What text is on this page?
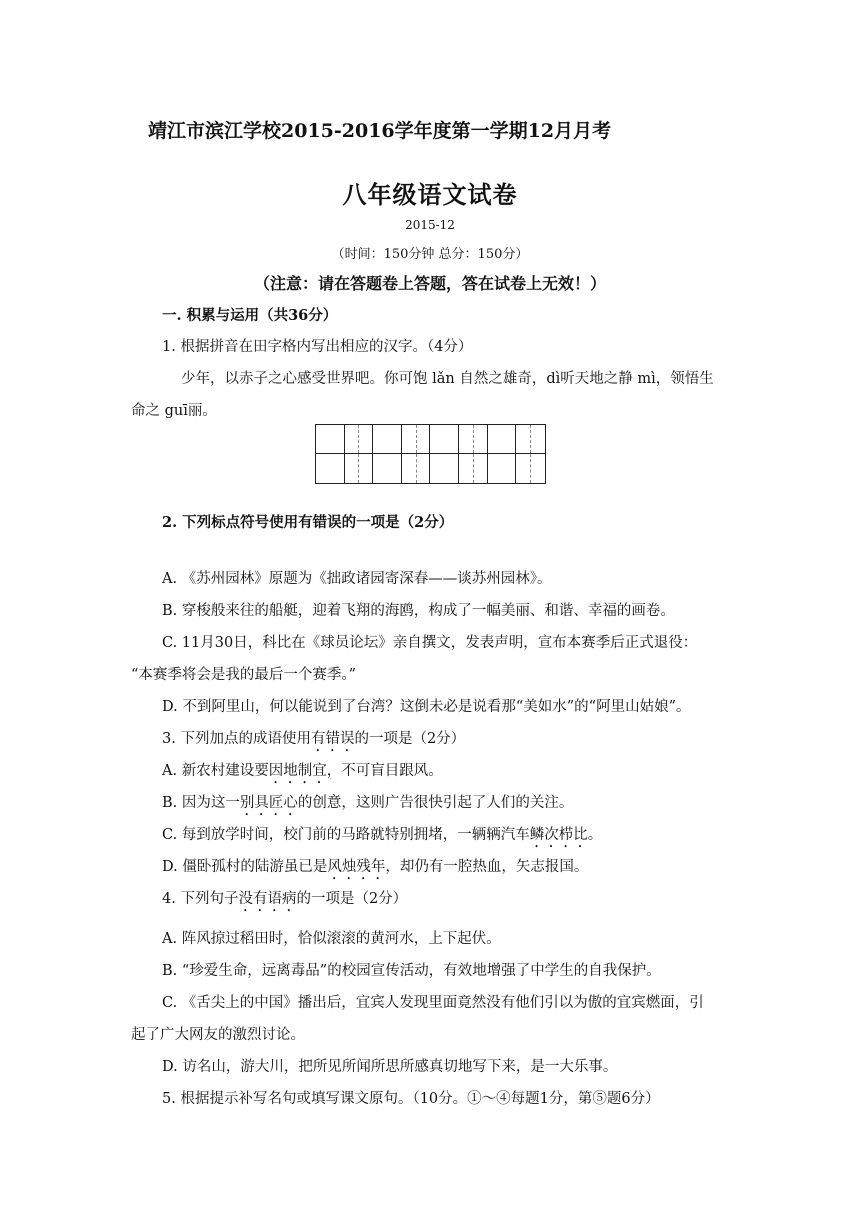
靖江市滨江学校2015-2016学年度第一学期12月月考
八年级语文试卷
2015-12
（时间：150分钟 总分：150分）
（注意：请在答题卷上答题，答在试卷上无效！）
一. 积累与运用（共36分）
1. 根据拼音在田字格内写出相应的汉字。（4分）
少年，以赤子之心感受世界吧。你可饱 lǎn 自然之雄奇，dì听天地之静 mì，领悟生
命之 guī丽。
2. 下列标点符号使用有错误的一项是（2分）
A. 《苏州园林》原题为《拙政诸园寄深春——谈苏州园林》。
B. 穿梭般来往的船艇，迎着飞翔的海鸥，构成了一幅美丽、和谐、幸福的画卷。
C. 11月30日，科比在《球员论坛》亲自撰文，发表声明，宣布本赛季后正式退役：
“本赛季将会是我的最后一个赛季。”
D. 不到阿里山，何以能说到了台湾？这倒未必是说看那“美如水”的“阿里山姑娘”。
3. 下列加点的成语使用有错误的一项是（2分）
A. 新农村建设要因地制宜，不可盲目跟风。
B. 因为这一别具匠心的创意，这则广告很快引起了人们的关注。
C. 每到放学时间，校门前的马路就特别拥堵，一辆辆汽车鳞次栉比。
D. 僵卧孤村的陆游虽已是风烛残年，却仍有一腔热血，矢志报国。
4. 下列句子没有语病的一项是（2分）
A. 阵风掠过稻田时，恰似滚滚的黄河水，上下起伏。
B. “珍爱生命，远离毒品”的校园宣传活动，有效地增强了中学生的自我保护。
C. 《舌尖上的中国》播出后，宜宾人发现里面竟然没有他们引以为傲的宜宾燃面，引
起了广大网友的激烈讨论。
D. 访名山，游大川，把所见所闻所思所感真切地写下来，是一大乐事。
5. 根据提示补写名句或填写课文原句。（10分。①～④每题1分，第⑤题6分）
